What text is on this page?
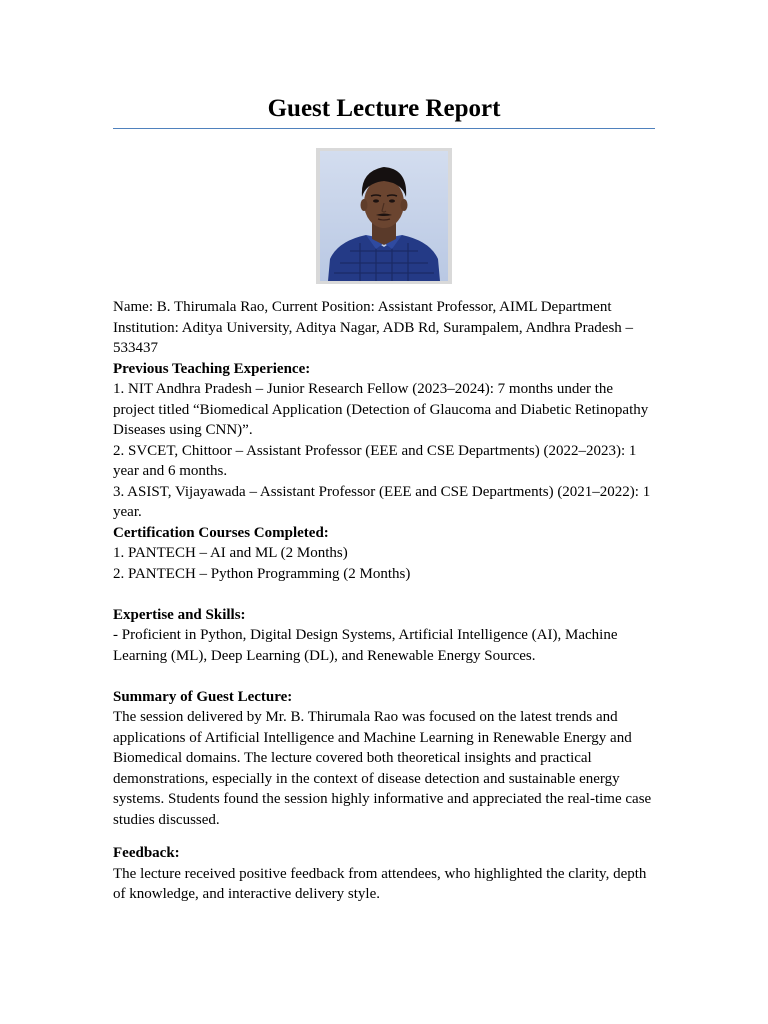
Guest Lecture Report

Name: B. Thirumala Rao, Current Position: Assistant Professor, AIML Department

Institution: Aditya University, Aditya Nagar, ADB Rd, Surampalem, Andhra Pradesh – 533437

Previous Teaching Experience:

1. NIT Andhra Pradesh – Junior Research Fellow (2023–2024): 7 months under the project titled “Biomedical Application (Detection of Glaucoma and Diabetic Retinopathy Diseases using CNN)”.

2. SVCET, Chittoor – Assistant Professor (EEE and CSE Departments) (2022–2023): 1 year and 6 months.

3. ASIST, Vijayawada – Assistant Professor (EEE and CSE Departments) (2021–2022): 1 year.

Certification Courses Completed:

1. PANTECH – AI and ML (2 Months)

2. PANTECH – Python Programming (2 Months)

Expertise and Skills:

- Proficient in Python, Digital Design Systems, Artificial Intelligence (AI), Machine Learning (ML), Deep Learning (DL), and Renewable Energy Sources.

Summary of Guest Lecture:

The session delivered by Mr. B. Thirumala Rao was focused on the latest trends and applications of Artificial Intelligence and Machine Learning in Renewable Energy and Biomedical domains. The lecture covered both theoretical insights and practical demonstrations, especially in the context of disease detection and sustainable energy systems. Students found the session highly informative and appreciated the real-time case studies discussed.

Feedback:

The lecture received positive feedback from attendees, who highlighted the clarity, depth of knowledge, and interactive delivery style.
